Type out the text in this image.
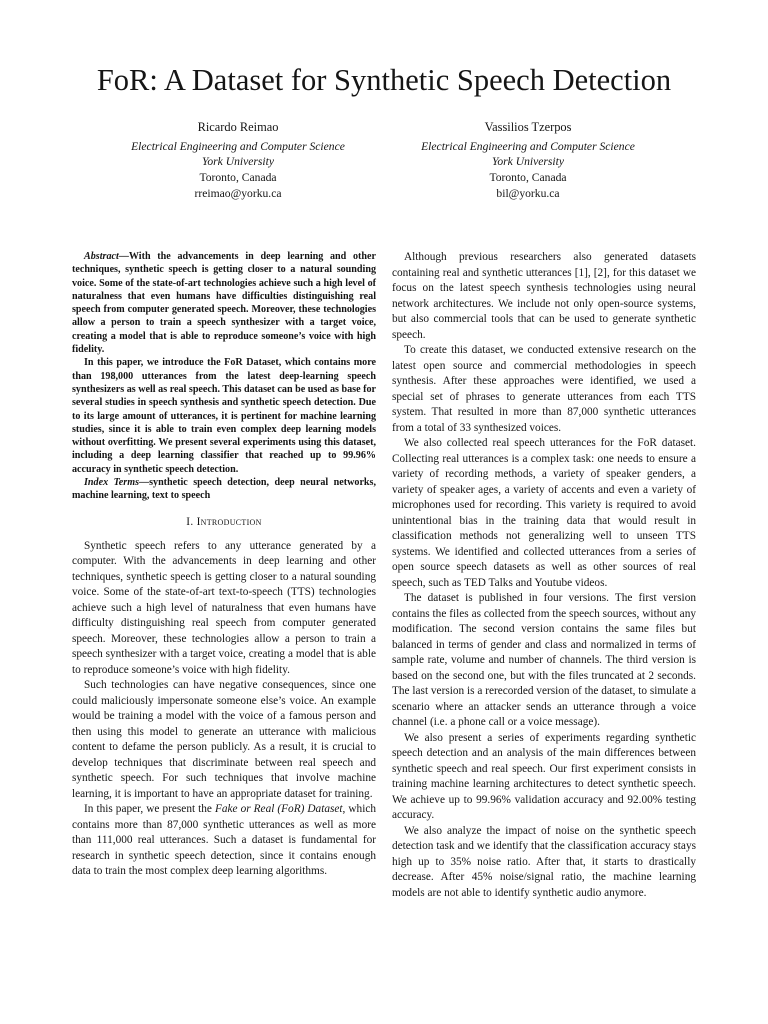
FoR: A Dataset for Synthetic Speech Detection
Ricardo Reimao
Electrical Engineering and Computer Science
York University
Toronto, Canada
rreimao@yorku.ca
Vassilios Tzerpos
Electrical Engineering and Computer Science
York University
Toronto, Canada
bil@yorku.ca

Abstract—With the advancements in deep learning and other techniques, synthetic speech is getting closer to a natural sounding voice. Some of the state-of-art technologies achieve such a high level of naturalness that even humans have difficulties distinguishing real speech from computer generated speech. Moreover, these technologies allow a person to train a speech synthesizer with a target voice, creating a model that is able to reproduce someone’s voice with high fidelity.

In this paper, we introduce the FoR Dataset, which contains more than 198,000 utterances from the latest deep-learning speech synthesizers as well as real speech. This dataset can be used as base for several studies in speech synthesis and synthetic speech detection. Due to its large amount of utterances, it is pertinent for machine learning studies, since it is able to train even complex deep learning models without overfitting. We present several experiments using this dataset, including a deep learning classifier that reached up to 99.96% accuracy in synthetic speech detection.

Index Terms—synthetic speech detection, deep neural networks, machine learning, text to speech

I. Introduction

Synthetic speech refers to any utterance generated by a computer. With the advancements in deep learning and other techniques, synthetic speech is getting closer to a natural sounding voice. Some of the state-of-art text-to-speech (TTS) technologies achieve such a high level of naturalness that even humans have difficulty distinguishing real speech from computer generated speech. Moreover, these technologies allow a person to train a speech synthesizer with a target voice, creating a model that is able to reproduce someone’s voice with high fidelity.

Such technologies can have negative consequences, since one could maliciously impersonate someone else’s voice. An example would be training a model with the voice of a famous person and then using this model to generate an utterance with malicious content to defame the person publicly. As a result, it is crucial to develop techniques that discriminate between real speech and synthetic speech. For such techniques that involve machine learning, it is important to have an appropriate dataset for training.

In this paper, we present the Fake or Real (FoR) Dataset, which contains more than 87,000 synthetic utterances as well as more than 111,000 real utterances. Such a dataset is fundamental for research in synthetic speech detection, since it contains enough data to train the most complex deep learning algorithms.

Although previous researchers also generated datasets containing real and synthetic utterances [1], [2], for this dataset we focus on the latest speech synthesis technologies using neural network architectures. We include not only open-source systems, but also commercial tools that can be used to generate synthetic speech.

To create this dataset, we conducted extensive research on the latest open source and commercial methodologies in speech synthesis. After these approaches were identified, we used a special set of phrases to generate utterances from each TTS system. That resulted in more than 87,000 synthetic utterances from a total of 33 synthesized voices.

We also collected real speech utterances for the FoR dataset. Collecting real utterances is a complex task: one needs to ensure a variety of recording methods, a variety of speaker genders, a variety of speaker ages, a variety of accents and even a variety of microphones used for recording. This variety is required to avoid unintentional bias in the training data that would result in classification methods not generalizing well to unseen TTS systems. We identified and collected utterances from a series of open source speech datasets as well as other sources of real speech, such as TED Talks and Youtube videos.

The dataset is published in four versions. The first version contains the files as collected from the speech sources, without any modification. The second version contains the same files but balanced in terms of gender and class and normalized in terms of sample rate, volume and number of channels. The third version is based on the second one, but with the files truncated at 2 seconds. The last version is a rerecorded version of the dataset, to simulate a scenario where an attacker sends an utterance through a voice channel (i.e. a phone call or a voice message).

We also present a series of experiments regarding synthetic speech detection and an analysis of the main differences between synthetic speech and real speech. Our first experiment consists in training machine learning architectures to detect synthetic speech. We achieve up to 99.96% validation accuracy and 92.00% testing accuracy.

We also analyze the impact of noise on the synthetic speech detection task and we identify that the classification accuracy stays high up to 35% noise ratio. After that, it starts to drastically decrease. After 45% noise/signal ratio, the machine learning models are not able to identify synthetic audio anymore.
